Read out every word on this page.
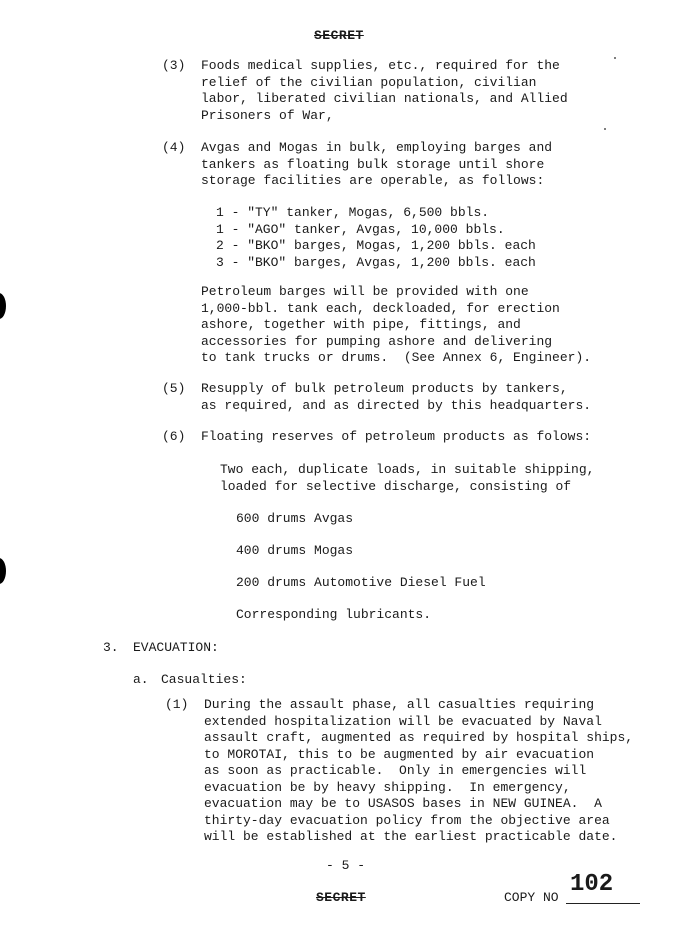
SECRET
(3) Foods medical supplies, etc., required for the
relief of the civilian population, civilian
labor, liberated civilian nationals, and Allied
Prisoners of War,
(4) Avgas and Mogas in bulk, employing barges and
tankers as floating bulk storage until shore
storage facilities are operable, as follows:
1 - "TY" tanker, Mogas, 6,500 bbls.
1 - "AGO" tanker, Avgas, 10,000 bbls.
2 - "BKO" barges, Mogas, 1,200 bbls. each
3 - "BKO" barges, Avgas, 1,200 bbls. each
Petroleum barges will be provided with one
1,000-bbl. tank each, deckloaded, for erection
ashore, together with pipe, fittings, and
accessories for pumping ashore and delivering
to tank trucks or drums.  (See Annex 6, Engineer).
(5) Resupply of bulk petroleum products by tankers,
as required, and as directed by this headquarters.
(6) Floating reserves of petroleum products as folows:
Two each, duplicate loads, in suitable shipping,
loaded for selective discharge, consisting of
600 drums Avgas
400 drums Mogas
200 drums Automotive Diesel Fuel
Corresponding lubricants.
3. EVACUATION:
a. Casualties:
(1) During the assault phase, all casualties requiring
extended hospitalization will be evacuated by Naval
assault craft, augmented as required by hospital ships,
to MOROTAI, this to be augmented by air evacuation
as soon as practicable.  Only in emergencies will
evacuation be by heavy shipping.  In emergency,
evacuation may be to USASOS bases in NEW GUINEA.  A
thirty-day evacuation policy from the objective area
will be established at the earliest practicable date.
- 5 -
SECRET	COPY NO 102
